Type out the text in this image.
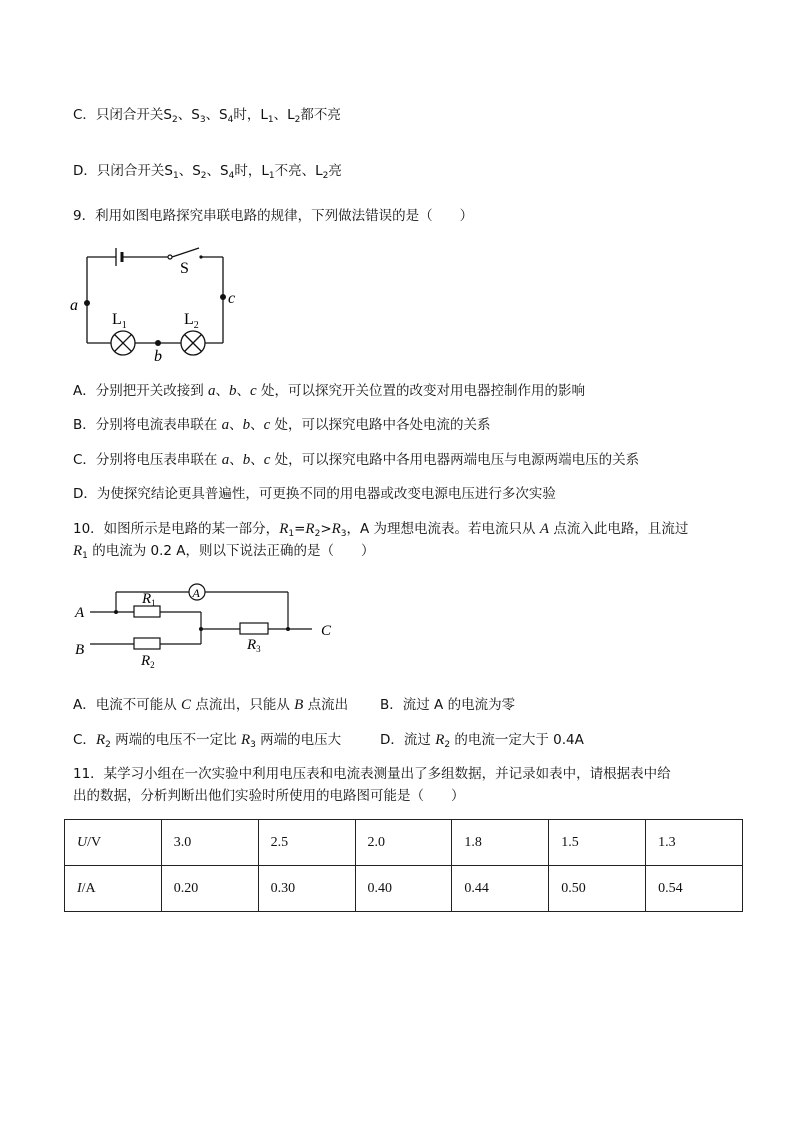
C．只闭合开关$S_2$、$S_3$、$S_4$时，$L_1$、$L_2$都不亮
D．只闭合开关$S_1$、$S_2$、$S_4$时，$L_1$不亮、$L_2$亮
9．利用如图电路探究串联电路的规律，下列做法错误的是（　　）
S
a
b
c
$L_1$	$L_2$
A．分别把开关改接到 a、b、c 处，可以探究开关位置的改变对用电器控制作用的影响
B．分别将电流表串联在 a、b、c 处，可以探究电路中各处电流的关系
C．分别将电压表串联在 a、b、c 处，可以探究电路中各用电器两端电压与电源两端电压的关系
D．为使探究结论更具普遍性，可更换不同的用电器或改变电源电压进行多次实验
10．如图所示是电路的某一部分，$R_1=R_2>R_3$，A 为理想电流表。若电流只从 A 点流入此电路，且流过
$R_1$ 的电流为 0.2 A，则以下说法正确的是（　　）
A
A
B
C
$R_1$
$R_2$
$R_3$
A．电流不可能从 C 点流出，只能从 B 点流出 B．流过 A 的电流为零
C．$R_2$ 两端的电压不一定比 $R_3$ 两端的电压大	D．流过 $R_2$ 的电流一定大于 0.4A
11．某学习小组在一次实验中利用电压表和电流表测量出了多组数据，并记录如表中，请根据表中给
出的数据，分析判断出他们实验时所使用的电路图可能是（　　）
U/V	3.0	2.5	2.0	1.8	1.5	1.3
I/A	0.20	0.30	0.40	0.44	0.50	0.54
